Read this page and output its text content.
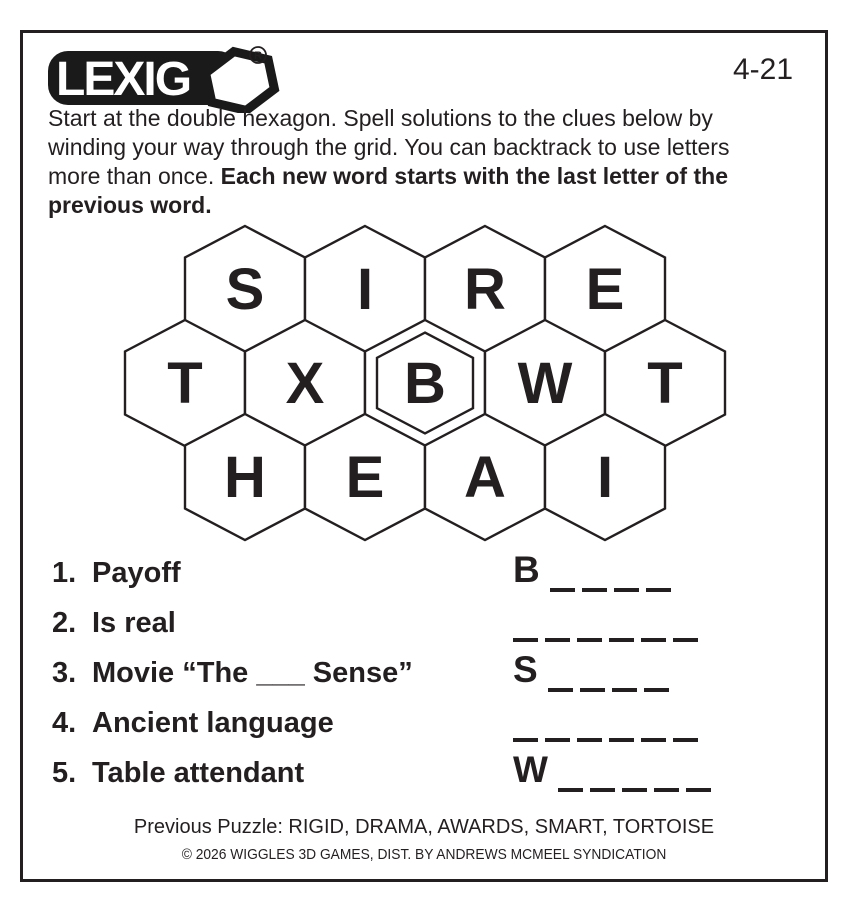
LEXIG	R	4-21
Start at the double hexagon. Spell solutions to the clues below by
winding your way through the grid. You can backtrack to use letters
more than once. Each new word starts with the last letter of the
previous word.
S I R E
T X B W T
H E A I
1. Payoff	B
2. Is real
3. Movie “The ___ Sense”	S
4. Ancient language
5. Table attendant	W
Previous Puzzle: RIGID, DRAMA, AWARDS, SMART, TORTOISE
© 2026 WIGGLES 3D GAMES, DIST. BY ANDREWS MCMEEL SYNDICATION
